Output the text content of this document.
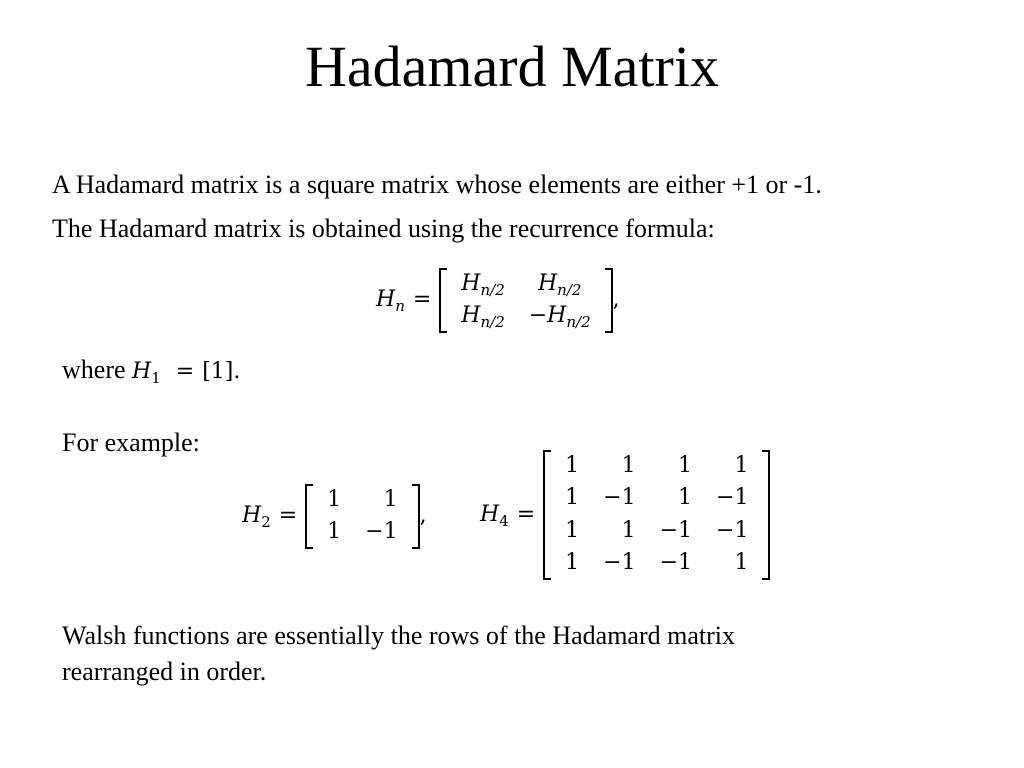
Hadamard Matrix
A Hadamard matrix is a square matrix whose elements are either +1 or -1.
The Hadamard matrix is obtained using the recurrence formula:
$H_n$ =
$H_{n/2}$	$H_{n/2}$
$H_{n/2}$	$-H_{n/2}$
,
where $H_1 = [1]$.
For example:
$H_2$ =
1	1
1	−1
, $H_4$ =
1	1	1	1
1	−1	1	−1
1	1	−1	−1
1	−1	−1	1
Walsh functions are essentially the rows of the Hadamard matrix
rearranged in order.
